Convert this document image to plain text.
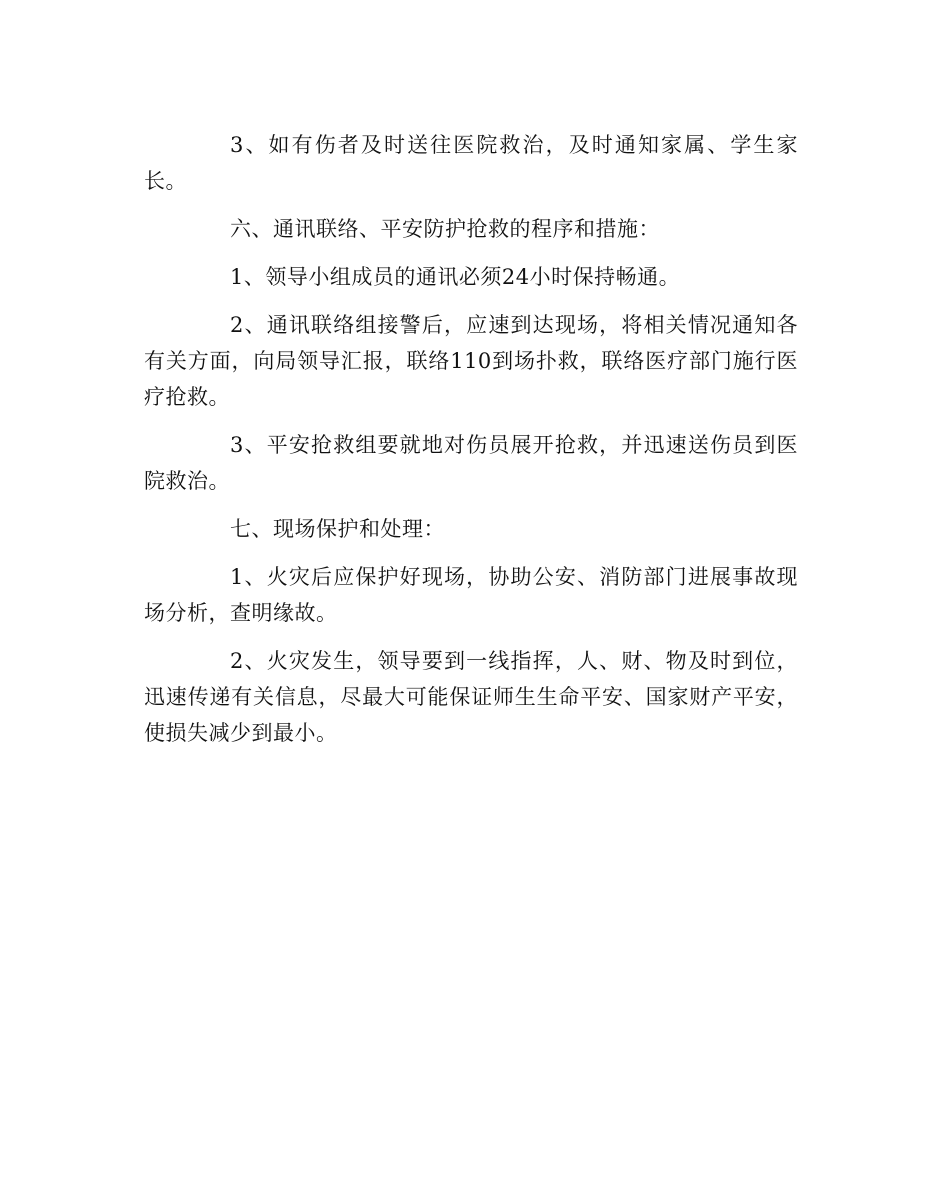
3、如有伤者及时送往医院救治，及时通知家属、学生家长。

六、通讯联络、平安防护抢救的程序和措施：

1、领导小组成员的通讯必须24小时保持畅通。

2、通讯联络组接警后，应速到达现场，将相关情况通知各有关方面，向局领导汇报，联络110到场扑救，联络医疗部门施行医疗抢救。

3、平安抢救组要就地对伤员展开抢救，并迅速送伤员到医院救治。

七、现场保护和处理：

1、火灾后应保护好现场，协助公安、消防部门进展事故现场分析，查明缘故。

2、火灾发生，领导要到一线指挥，人、财、物及时到位，迅速传递有关信息，尽最大可能保证师生生命平安、国家财产平安，使损失减少到最小。
